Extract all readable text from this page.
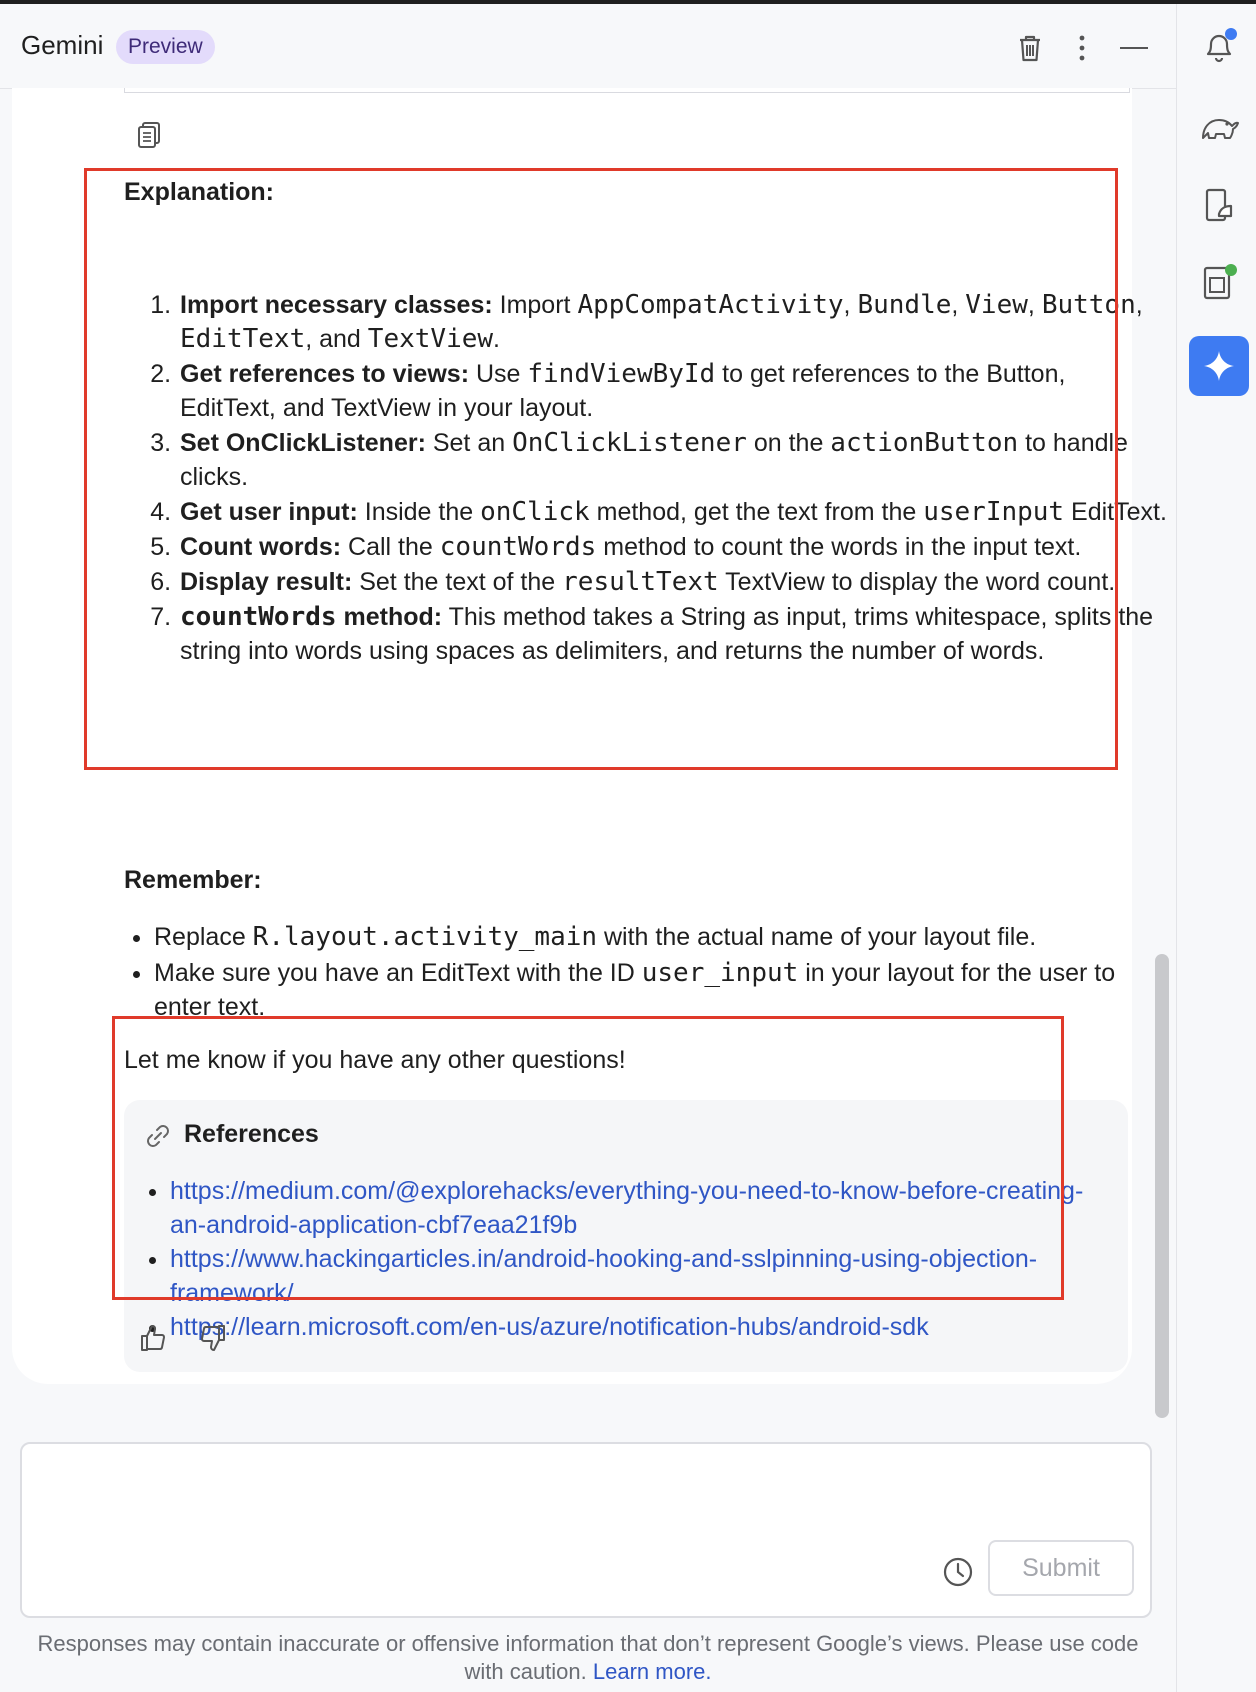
Gemini	Preview
Explanation:
1. Import necessary classes: Import AppCompatActivity, Bundle, View, Button, EditText, and TextView.
2. Get references to views: Use findViewById to get references to the Button, EditText, and TextView in your layout.
3. Set OnClickListener: Set an OnClickListener on the actionButton to handle clicks.
4. Get user input: Inside the onClick method, get the text from the userInput EditText.
5. Count words: Call the countWords method to count the words in the input text.
6. Display result: Set the text of the resultText TextView to display the word count.
7. countWords method: This method takes a String as input, trims whitespace, splits the string into words using spaces as delimiters, and returns the number of words.
Remember:
• Replace R.layout.activity_main with the actual name of your layout file.
• Make sure you have an EditText with the ID user_input in your layout for the user to enter text.
Let me know if you have any other questions!
References
• https://medium.com/@explorehacks/everything-you-need-to-know-before-creating-an-android-application-cbf7eaa21f9b
• https://www.hackingarticles.in/android-hooking-and-sslpinning-using-objection-framework/
• https://learn.microsoft.com/en-us/azure/notification-hubs/android-sdk
Submit
Responses may contain inaccurate or offensive information that don’t represent Google’s views. Please use code with caution. Learn more.
